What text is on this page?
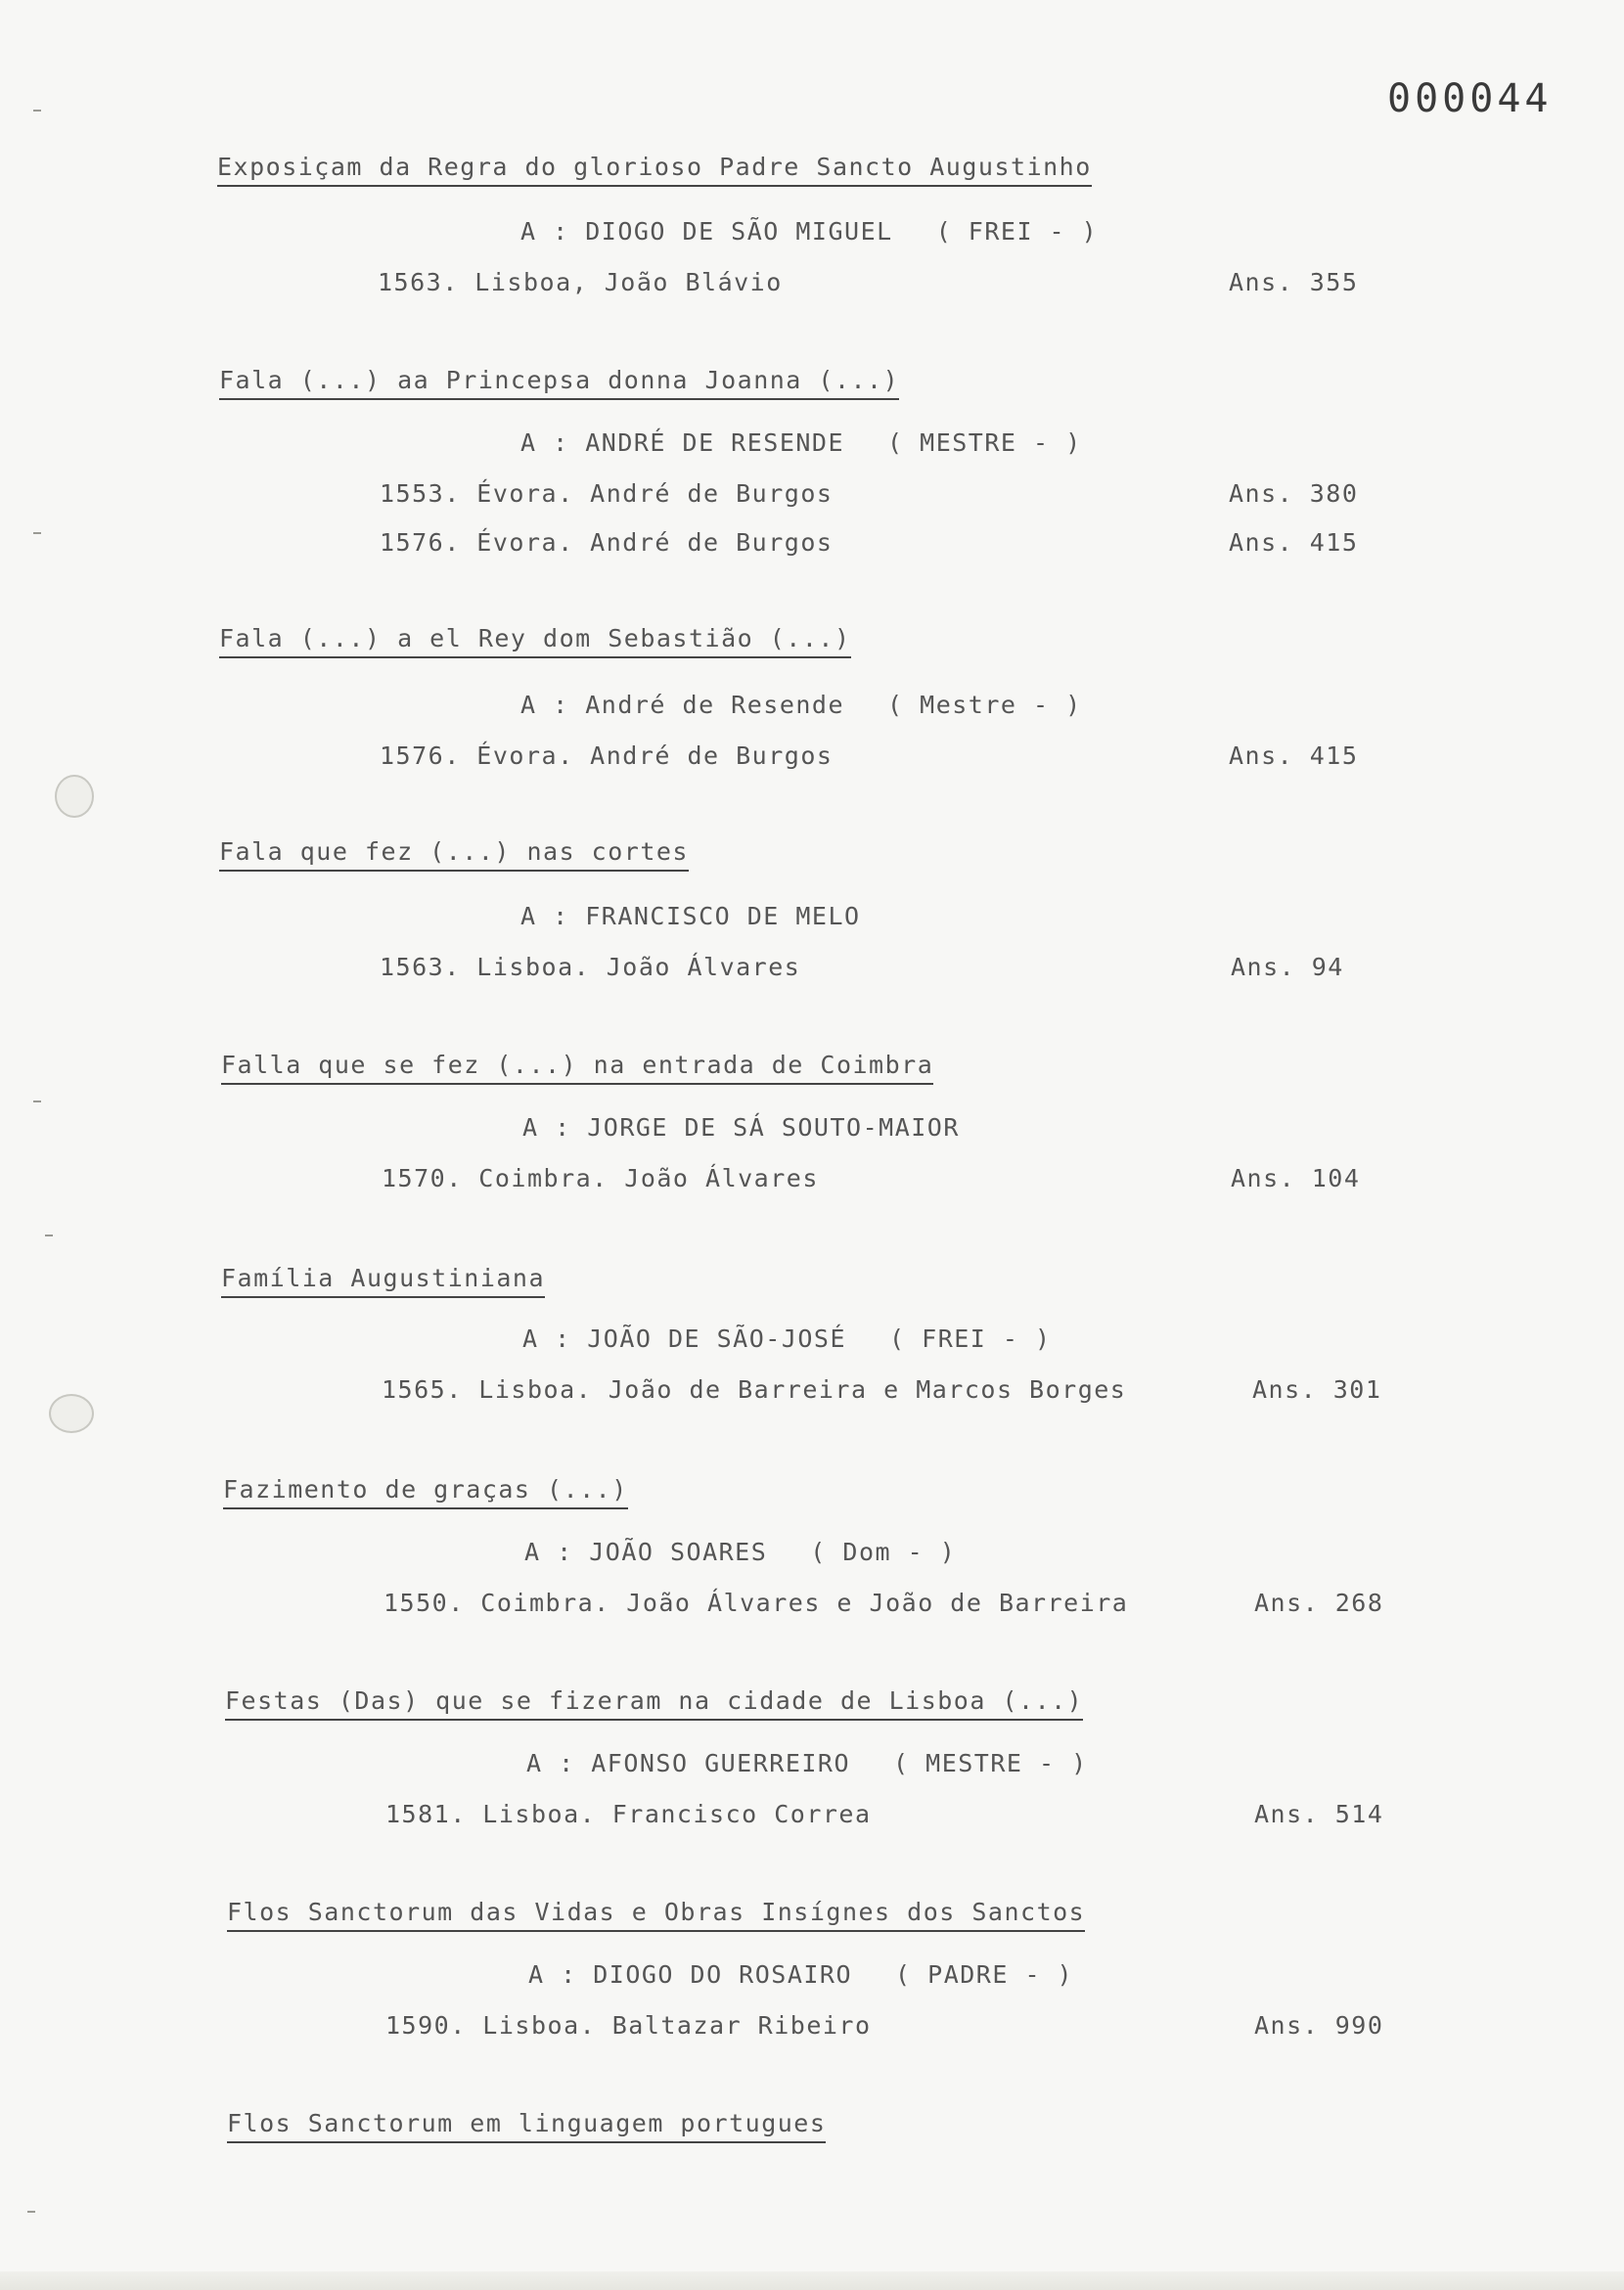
000044
Exposiçam da Regra do glorioso Padre Sancto Augustinho
A : DIOGO DE SÃO MIGUEL ( FREI - )
1563. Lisboa, João Blávio	Ans. 355
Fala (...) aa Princepsa donna Joanna (...)
A : ANDRÉ DE RESENDE ( MESTRE - )
1553. Évora. André de Burgos	Ans. 380
1576. Évora. André de Burgos	Ans. 415
Fala (...) a el Rey dom Sebastião (...)
A : André de Resende ( Mestre - )
1576. Évora. André de Burgos	Ans. 415
Fala que fez (...) nas cortes
A : FRANCISCO DE MELO
1563. Lisboa. João Álvares	Ans. 94
Falla que se fez (...) na entrada de Coimbra
A : JORGE DE SÁ SOUTO-MAIOR
1570. Coimbra. João Álvares	Ans. 104
Família Augustiniana
A : JOÃO DE SÃO-JOSÉ ( FREI - )
1565. Lisboa. João de Barreira e Marcos Borges	Ans. 301
Fazimento de graças (...)
A : JOÃO SOARES ( Dom - )
1550. Coimbra. João Álvares e João de Barreira	Ans. 268
Festas (Das) que se fizeram na cidade de Lisboa (...)
A : AFONSO GUERREIRO ( MESTRE - )
1581. Lisboa. Francisco Correa	Ans. 514
Flos Sanctorum das Vidas e Obras Insígnes dos Sanctos
A : DIOGO DO ROSAIRO ( PADRE - )
1590. Lisboa. Baltazar Ribeiro	Ans. 990
Flos Sanctorum em linguagem portugues
